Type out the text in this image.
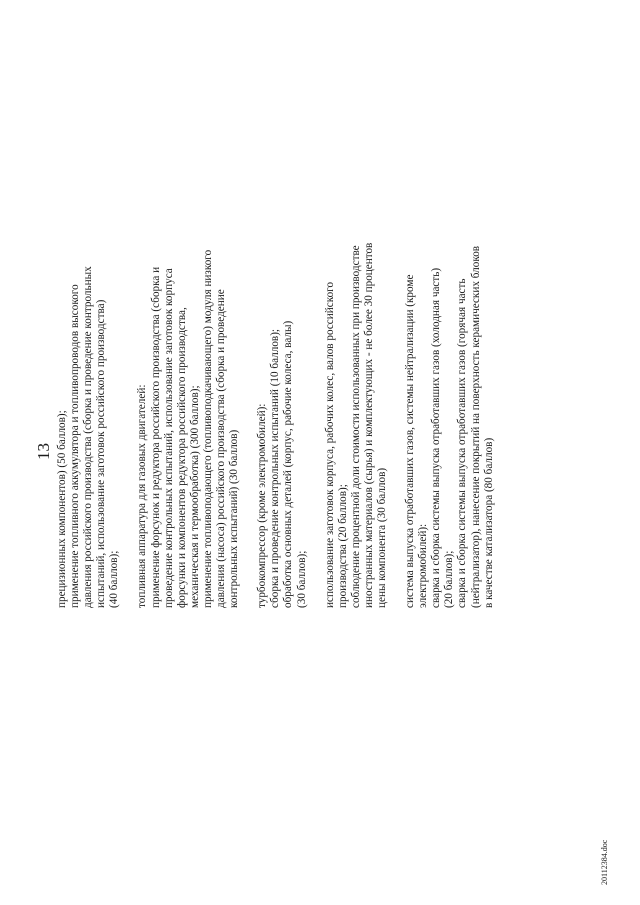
13 прецизионных компонентов) (50 баллов); применение топливного аккумулятора и топливопроводов высокого давления российского производства (сборка и проведение контрольных испытаний, использование заготовок российского производства) (40 баллов); топливная аппаратура для газовых двигателей: применение форсунок и редуктора российского производства (сборка и проведение контрольных испытаний, использование заготовок корпуса форсунки и компонентов редуктора российского производства, механическая и термообработка) (300 баллов); применение топливоподающего (топливоподкачивающего) модуля низкого давления (насоса) российского производства (сборка и проведение контрольных испытаний) (30 баллов) турбокомпрессор (кроме электромобилей): сборка и проведение контрольных испытаний (10 баллов); обработка основных деталей (корпус, рабочие колеса, валы) (30 баллов); использование заготовок корпуса, рабочих колес, валов российского производства (20 баллов); соблюдение процентной доли стоимости использованных при производстве иностранных материалов (сырья) и комплектующих - не более 30 процентов цены компонента (30 баллов) система выпуска отработавших газов, системы нейтрализации (кроме электромобилей): сварка и сборка системы выпуска отработавших газов (холодная часть) (20 баллов); сварка и сборка системы выпуска отработавших газов (горячая часть (нейтрализатор), нанесение покрытий на поверхность керамических блоков в качестве катализатора (80 баллов)
20112384.doc
